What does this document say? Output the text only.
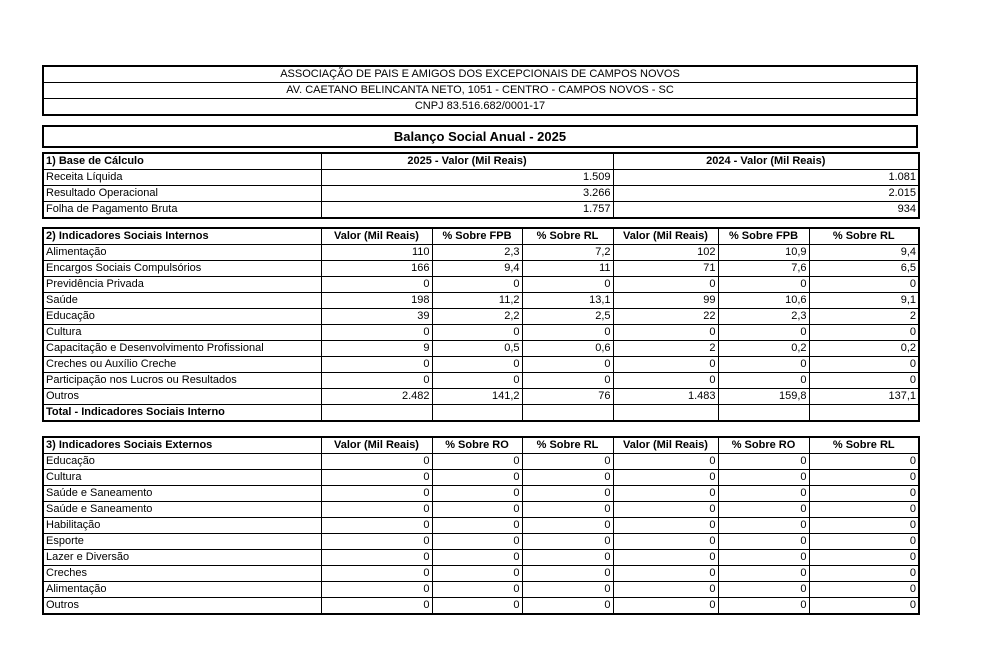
ASSOCIAÇÃO DE PAIS E AMIGOS DOS EXCEPCIONAIS DE CAMPOS NOVOS
AV. CAETANO BELINCANTA NETO, 1051 - CENTRO - CAMPOS NOVOS - SC
CNPJ 83.516.682/0001-17
Balanço Social Anual - 2025
1) Base de Cálculo	2025 - Valor (Mil Reais)	2024 - Valor (Mil Reais)
Receita Líquida	1.509	1.081
Resultado Operacional	3.266	2.015
Folha de Pagamento Bruta	1.757	934
2) Indicadores Sociais Internos	Valor (Mil Reais)	% Sobre FPB	% Sobre RL	Valor (Mil Reais)	% Sobre FPB	% Sobre RL
Alimentação	110	2,3	7,2	102	10,9	9,4
Encargos Sociais Compulsórios	166	9,4	11	71	7,6	6,5
Previdência Privada	0	0	0	0	0	0
Saúde	198	11,2	13,1	99	10,6	9,1
Educação	39	2,2	2,5	22	2,3	2
Cultura	0	0	0	0	0	0
Capacitação e Desenvolvimento Profissional	9	0,5	0,6	2	0,2	0,2
Creches ou Auxílio Creche	0	0	0	0	0	0
Participação nos Lucros ou Resultados	0	0	0	0	0	0
Outros	2.482	141,2	76	1.483	159,8	137,1
Total - Indicadores Sociais Interno						
3) Indicadores Sociais Externos	Valor (Mil Reais)	% Sobre RO	% Sobre RL	Valor (Mil Reais)	% Sobre RO	% Sobre RL
Educação	0	0	0	0	0	0
Cultura	0	0	0	0	0	0
Saúde e Saneamento	0	0	0	0	0	0
Saúde e Saneamento	0	0	0	0	0	0
Habilitação	0	0	0	0	0	0
Esporte	0	0	0	0	0	0
Lazer e Diversão	0	0	0	0	0	0
Creches	0	0	0	0	0	0
Alimentação	0	0	0	0	0	0
Outros	0	0	0	0	0	0
